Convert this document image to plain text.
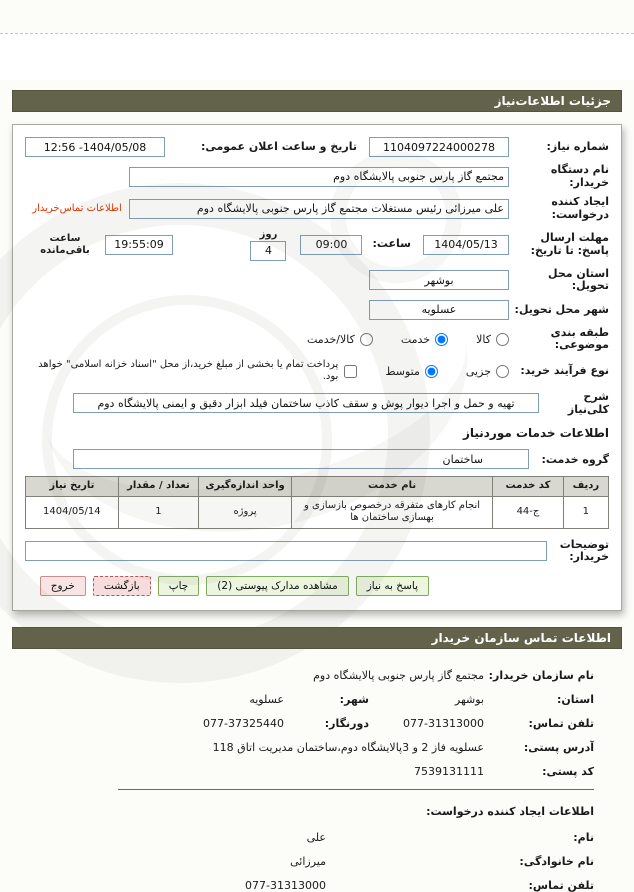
جزئیات اطلاعات‌نیاز
شماره نیاز:
1104097224000278
تاریخ و ساعت اعلان عمومی:
12:56 -1404/05/08
نام دستگاه خریدار:
مجتمع گاز پارس جنوبی پالایشگاه دوم
ایجاد کننده درخواست:
علی میرزائی رئیس مستغلات مجتمع گاز پارس جنوبی پالایشگاه دوم
اطلاعات تماس‌خریدار
مهلت ارسال پاسخ: تا تاریخ:
1404/05/13
ساعت:
09:00
روز
4
19:55:09
ساعت باقی‌مانده
استان محل تحویل:
بوشهر
شهر محل تحویل:
عسلویه
طبقه بندی موضوعی:
کالا
خدمت
کالا/خدمت
نوع فرآیند خرید:
جزیی
متوسط
پرداخت تمام یا بخشی از مبلغ خرید،از محل "اسناد خزانه اسلامی" خواهد بود.
شرح کلی‌نیاز
تهیه و حمل و اجرا دیوار پوش و سقف کاذب ساختمان فیلد ابزار دقیق و ایمنی پالایشگاه دوم
اطلاعات خدمات موردنیاز
گروه خدمت:
ساختمان
ردیف	کد خدمت	نام خدمت	واحد اندازه‌گیری	تعداد / مقدار	تاریخ نیاز
1	ج-44	انجام کارهای متفرقه درخصوص بازسازی و بهسازی ساختمان ها	پروژه	1	1404/05/14
توضیحات خریدار:
پاسخ به نیاز
مشاهده مدارک پیوستی (2)
چاپ
بازگشت
خروج
اطلاعات تماس سازمان خریدار
نام سازمان خریدار:
مجتمع گاز پارس جنوبی پالایشگاه دوم
استان:
بوشهر
شهر:
عسلویه
تلفن تماس:
077-31313000
دورنگار:
077-37325440
آدرس پستی:
عسلویه فاز 2 و 3پالایشگاه دوم،ساختمان مدیریت اتاق 118
کد پستی:
7539131111
اطلاعات ایجاد کننده درخواست:
نام:
علی
نام خانوادگی:
میرزائی
تلفن تماس:
077-31313000
